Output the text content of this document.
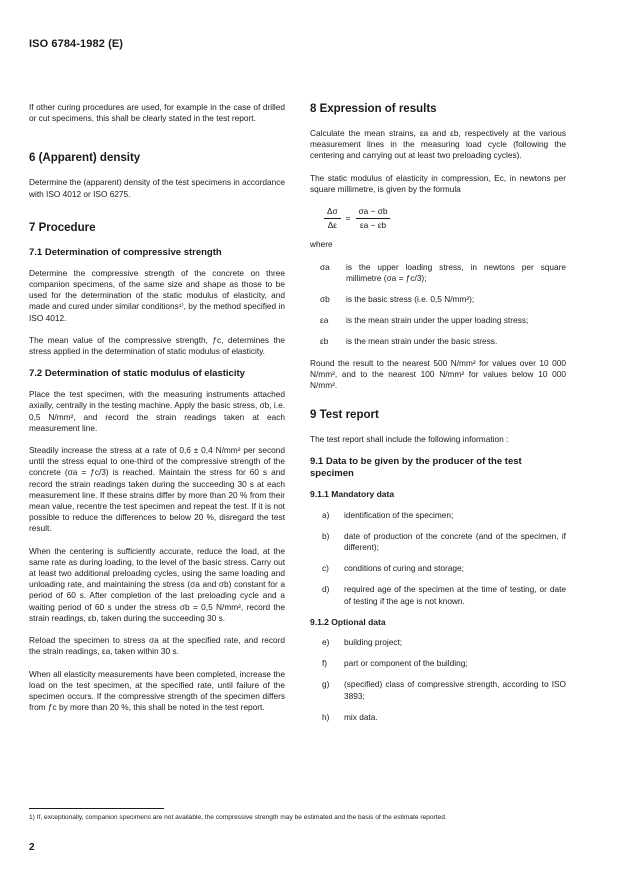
ISO 6784-1982 (E)

If other curing procedures are used, for example in the case of drilled or cut specimens, this shall be clearly stated in the test report.

6 (Apparent) density

Determine the (apparent) density of the test specimens in accordance with ISO 4012 or ISO 6275.

7 Procedure
7.1 Determination of compressive strength

Determine the compressive strength of the concrete on three companion specimens, of the same size and shape as those to be used for the determination of the static modulus of elasticity, and made and cured under similar conditions¹⁾, by the method specified in ISO 4012.

The mean value of the compressive strength, ƒc, determines the stress applied in the determination of static modulus of elasticity.

7.2 Determination of static modulus of elasticity

Place the test specimen, with the measuring instruments attached axially, centrally in the testing machine. Apply the basic stress, σb, i.e. 0,5 N/mm², and record the strain readings taken at each measurement line.

Steadily increase the stress at a rate of 0,6 ± 0,4 N/mm² per second until the stress equal to one-third of the compressive strength of the concrete (σa = ƒc/3) is reached. Maintain the stress for 60 s and record the strain readings taken during the succeeding 30 s at each measurement line. If these strains differ by more than 20 % from their mean value, recentre the test specimen and repeat the test. If it is not possible to reduce the differences to below 20 %, disregard the test result.

When the centering is sufficiently accurate, reduce the load, at the same rate as during loading, to the level of the basic stress. Carry out at least two additional preloading cycles, using the same loading and unloading rate, and maintaining the stress (σa and σb) constant for a period of 60 s. After completion of the last preloading cycle and a waiting period of 60 s under the stress σb = 0,5 N/mm², record the strain readings, εb, taken during the succeeding 30 s.

Reload the specimen to stress σa at the specified rate, and record the strain readings, εa, taken within 30 s.

When all elasticity measurements have been completed, increase the load on the test specimen, at the specified rate, until failure of the specimen occurs. If the compressive strength of the specimen differs from ƒc by more than 20 %, this shall be noted in the test report.

8 Expression of results

Calculate the mean strains, εa and εb, respectively at the various measurement lines in the measuring load cycle (following the centering and carrying out at least two preloading cycles).

The static modulus of elasticity in compression, Ec, in newtons per square millimetre, is given by the formula

$\frac{\Delta\sigma}{\Delta\varepsilon} = \frac{\sigma a - \sigma b}{\varepsilon a - \varepsilon b}$

where

σa	is the upper loading stress, in newtons per square millimetre (σa = ƒc/3);
σb	is the basic stress (i.e. 0,5 N/mm²);
εa	is the mean strain under the upper loading stress;
εb	is the mean strain under the basic stress.

Round the result to the nearest 500 N/mm² for values over 10 000 N/mm², and to the nearest 100 N/mm² for values below 10 000 N/mm².

9 Test report

The test report shall include the following information :

9.1 Data to be given by the producer of the test specimen
9.1.1 Mandatory data
a)	identification of the specimen;
b)	date of production of the concrete (and of the specimen, if different);
c)	conditions of curing and storage;
d)	required age of the specimen at the time of testing, or date of testing if the age is not known.
9.1.2 Optional data
e)	building project;
f)	part or component of the building;
g)	(specified) class of compressive strength, according to ISO 3893;
h)	mix data.
1) If, exceptionally, companion specimens are not available, the compressive strength may be estimated and the basis of the estimate reported.
2
